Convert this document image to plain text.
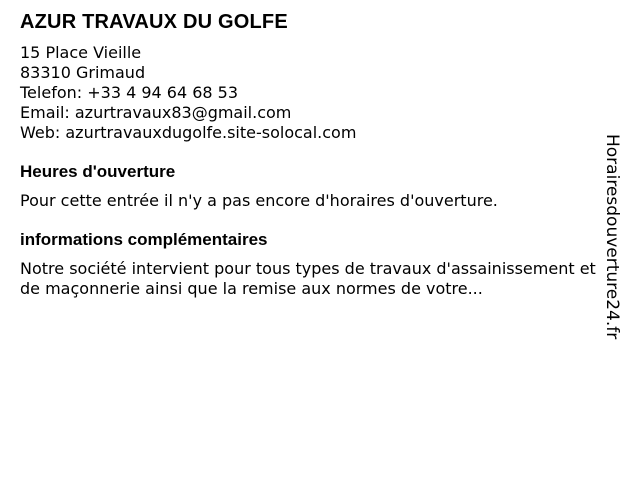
AZUR TRAVAUX DU GOLFE
15 Place Vieille
83310 Grimaud
Telefon: +33 4 94 64 68 53
Email: azurtravaux83@gmail.com
Web: azurtravauxdugolfe.site-solocal.com
Heures d'ouverture
Pour cette entrée il n'y a pas encore d'horaires d'ouverture.
informations complémentaires
Notre société intervient pour tous types de travaux d'assainissement et de maçonnerie ainsi que la remise aux normes de votre...	Horairesdouverture24.fr
